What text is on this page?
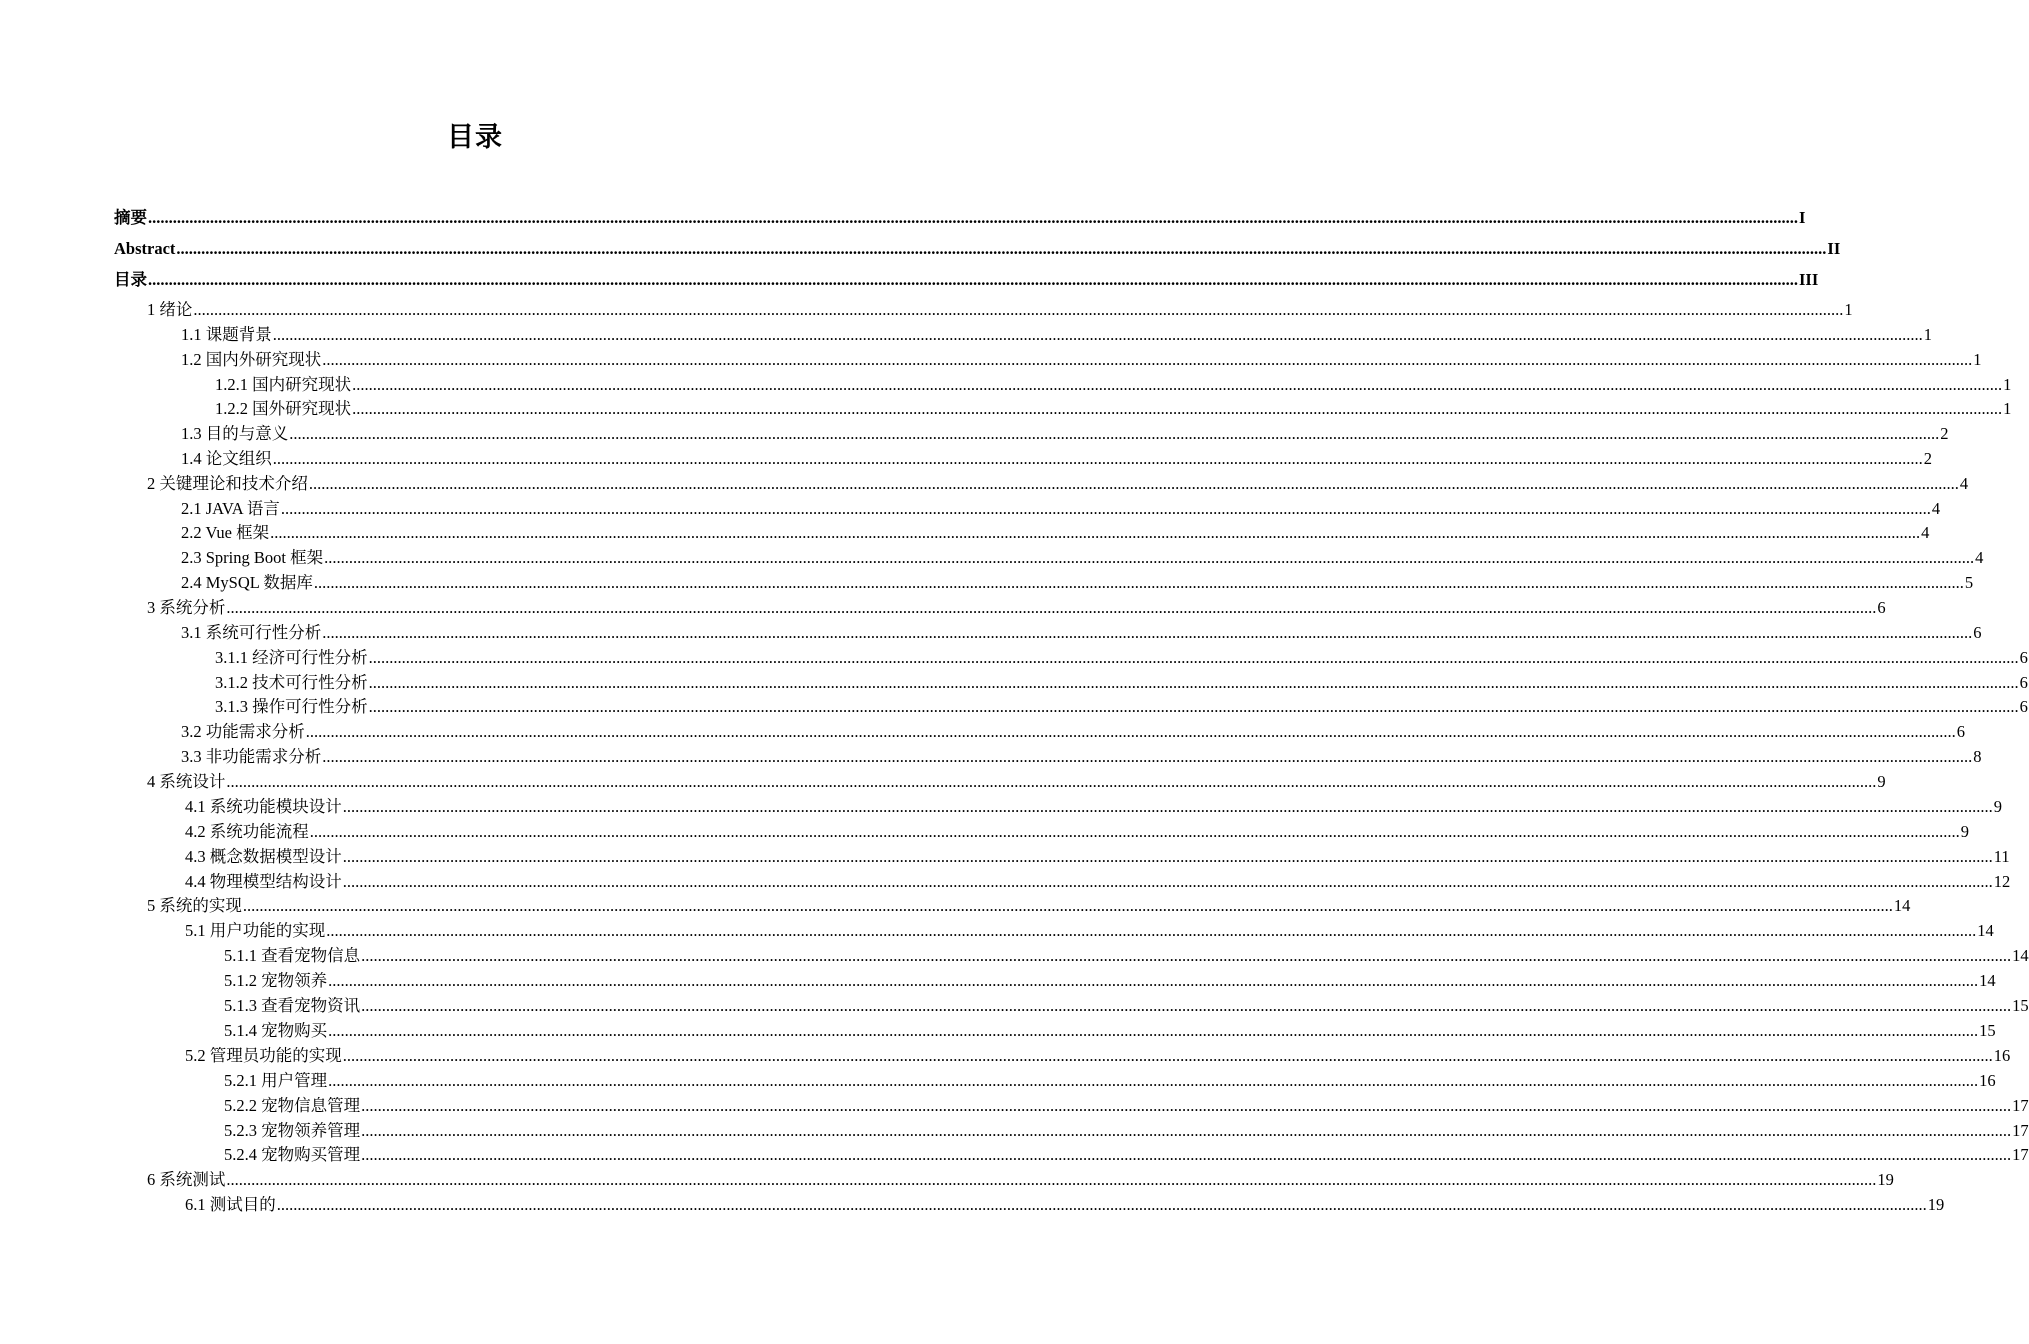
目录
摘要 ................................................................................................................................................................................................................................................................................................................................................................................................................ I
Abstract ................................................................................................................................................................................................................................................................................................................................................................................................................ II
目录 ................................................................................................................................................................................................................................................................................................................................................................................................................ III
1 绪论 ................................................................................................................................................................................................................................................................................................................................................................................................................ 1
1.1 课题背景 ................................................................................................................................................................................................................................................................................................................................................................................................................ 1
1.2 国内外研究现状 ................................................................................................................................................................................................................................................................................................................................................................................................................ 1
1.2.1 国内研究现状 ................................................................................................................................................................................................................................................................................................................................................................................................................ 1
1.2.2 国外研究现状 ................................................................................................................................................................................................................................................................................................................................................................................................................ 1
1.3 目的与意义 ................................................................................................................................................................................................................................................................................................................................................................................................................ 2
1.4 论文组织 ................................................................................................................................................................................................................................................................................................................................................................................................................ 2
2 关键理论和技术介绍 ................................................................................................................................................................................................................................................................................................................................................................................................................ 4
2.1 JAVA 语言 ................................................................................................................................................................................................................................................................................................................................................................................................................ 4
2.2 Vue 框架 ................................................................................................................................................................................................................................................................................................................................................................................................................ 4
2.3 Spring Boot 框架 ................................................................................................................................................................................................................................................................................................................................................................................................................ 4
2.4 MySQL 数据库 ................................................................................................................................................................................................................................................................................................................................................................................................................ 5
3 系统分析 ................................................................................................................................................................................................................................................................................................................................................................................................................ 6
3.1 系统可行性分析 ................................................................................................................................................................................................................................................................................................................................................................................................................ 6
3.1.1 经济可行性分析 ................................................................................................................................................................................................................................................................................................................................................................................................................ 6
3.1.2 技术可行性分析 ................................................................................................................................................................................................................................................................................................................................................................................................................ 6
3.1.3 操作可行性分析 ................................................................................................................................................................................................................................................................................................................................................................................................................ 6
3.2 功能需求分析 ................................................................................................................................................................................................................................................................................................................................................................................................................ 6
3.3 非功能需求分析 ................................................................................................................................................................................................................................................................................................................................................................................................................ 8
4 系统设计 ................................................................................................................................................................................................................................................................................................................................................................................................................ 9
4.1 系统功能模块设计 ................................................................................................................................................................................................................................................................................................................................................................................................................ 9
4.2 系统功能流程 ................................................................................................................................................................................................................................................................................................................................................................................................................ 9
4.3 概念数据模型设计 ................................................................................................................................................................................................................................................................................................................................................................................................................ 11
4.4 物理模型结构设计 ................................................................................................................................................................................................................................................................................................................................................................................................................ 12
5 系统的实现 ................................................................................................................................................................................................................................................................................................................................................................................................................ 14
5.1 用户功能的实现 ................................................................................................................................................................................................................................................................................................................................................................................................................ 14
5.1.1 查看宠物信息 ................................................................................................................................................................................................................................................................................................................................................................................................................ 14
5.1.2 宠物领养 ................................................................................................................................................................................................................................................................................................................................................................................................................ 14
5.1.3 查看宠物资讯 ................................................................................................................................................................................................................................................................................................................................................................................................................ 15
5.1.4 宠物购买 ................................................................................................................................................................................................................................................................................................................................................................................................................ 15
5.2 管理员功能的实现 ................................................................................................................................................................................................................................................................................................................................................................................................................ 16
5.2.1 用户管理 ................................................................................................................................................................................................................................................................................................................................................................................................................ 16
5.2.2 宠物信息管理 ................................................................................................................................................................................................................................................................................................................................................................................................................ 17
5.2.3 宠物领养管理 ................................................................................................................................................................................................................................................................................................................................................................................................................ 17
5.2.4 宠物购买管理 ................................................................................................................................................................................................................................................................................................................................................................................................................ 17
6 系统测试 ................................................................................................................................................................................................................................................................................................................................................................................................................ 19
6.1 测试目的 ................................................................................................................................................................................................................................................................................................................................................................................................................ 19
